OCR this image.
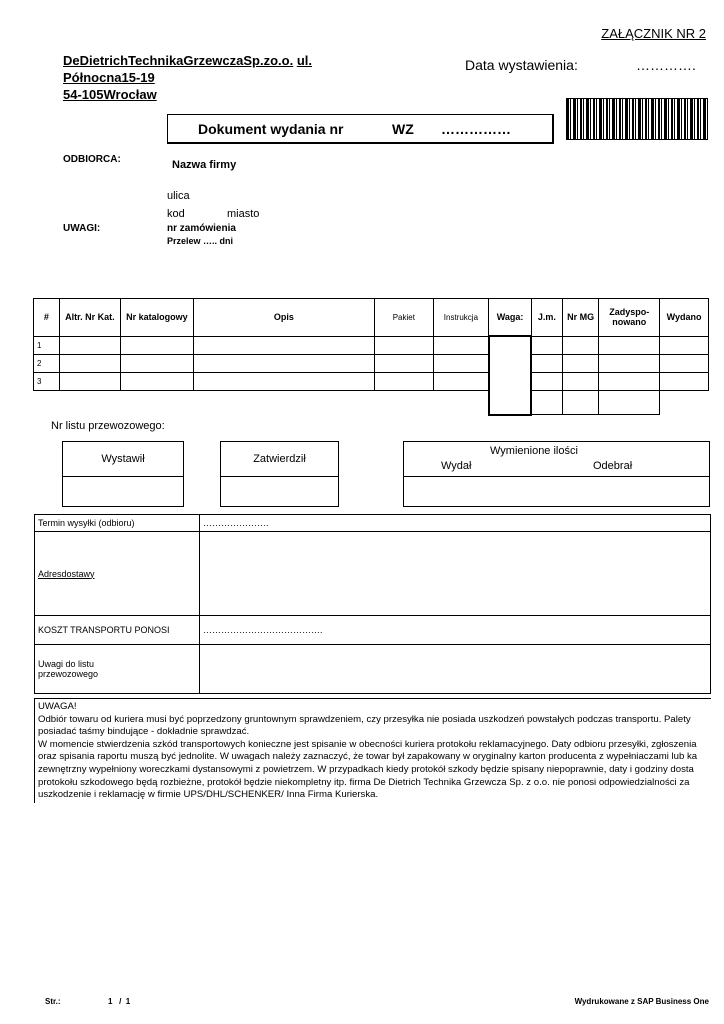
ZAŁĄCZNIK NR 2
DeDietrichTechnikaGrzewczaSp.zo.o. ul.
Północna15-19
54-105Wrocław
Data wystawienia:	………….
Dokument wydania nr	WZ ……………
ODBIORCA:	Nazwa firmy
ulica
kod	miasto
UWAGI:	nr zamówienia
Przelew ….. dni
#	Altr. Nr Kat.	Nr katalogowy	Opis	Pakiet	Instrukcja	Waga:	J.m.	Nr MG	Zadyspo-
nowano	Wydano
1										
2										
3										

Nr listu przewozowego:
Wystawił	Zatwierdził
Wymienione ilości
Wydał	Odebrał
Termin wysyłki (odbioru)	………………….
Adresdostawy	
KOSZT TRANSPORTU PONOSI	………………………………….

Uwagi do listu
przewozowego	

UWAGA!
Odbiór towaru od kuriera musi być poprzedzony gruntownym sprawdzeniem, czy przesyłka nie posiada uszkodzeń powstałych podczas transportu. Palety posiadać taśmy bindujące - dokładnie sprawdzać.
W momencie stwierdzenia szkód transportowych konieczne jest spisanie w obecności kuriera protokołu reklamacyjnego. Daty odbioru przesyłki, zgłoszenia oraz spisania raportu muszą być jednolite. W uwagach należy zaznaczyć, że towar był zapakowany w oryginalny karton producenta z wypełniaczami lub ka zewnętrzny wypełniony woreczkami dystansowymi z powietrzem. W przypadkach kiedy protokół szkody będzie spisany niepoprawnie, daty i godziny dosta protokołu szkodowego będą rozbieżne, protokół będzie niekompletny itp. firma De Dietrich Technika Grzewcza Sp. z o.o. nie ponosi odpowiedzialności za uszkodzenie i reklamację w firmie UPS/DHL/SCHENKER/ Inna Firma Kurierska.
Str.:	1   /  1	Wydrukowane z SAP Business One
